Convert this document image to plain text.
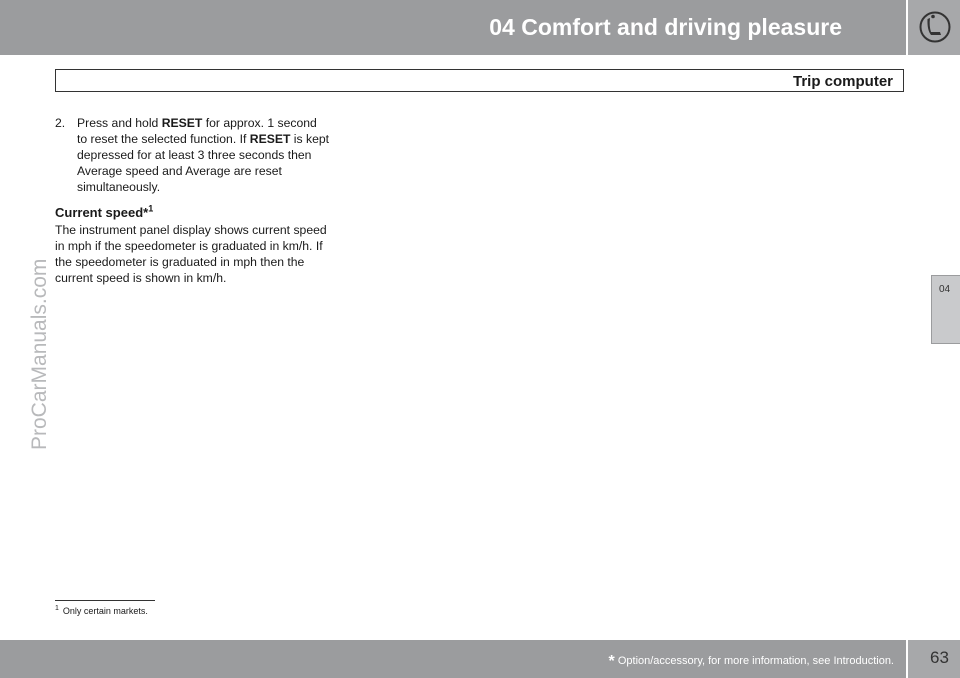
04 Comfort and driving pleasure
Trip computer
2. Press and hold RESET for approx. 1 second to reset the selected function. If RESET is kept depressed for at least 3 three seconds then Average speed and Average are reset simultaneously.
Current speed*$^1$
The instrument panel display shows current speed in mph if the speedometer is graduated in km/h. If the speedometer is graduated in mph then the current speed is shown in km/h.
$^1$ Only certain markets.
04
ProCarManuals.com
* Option/accessory, for more information, see Introduction. 63
